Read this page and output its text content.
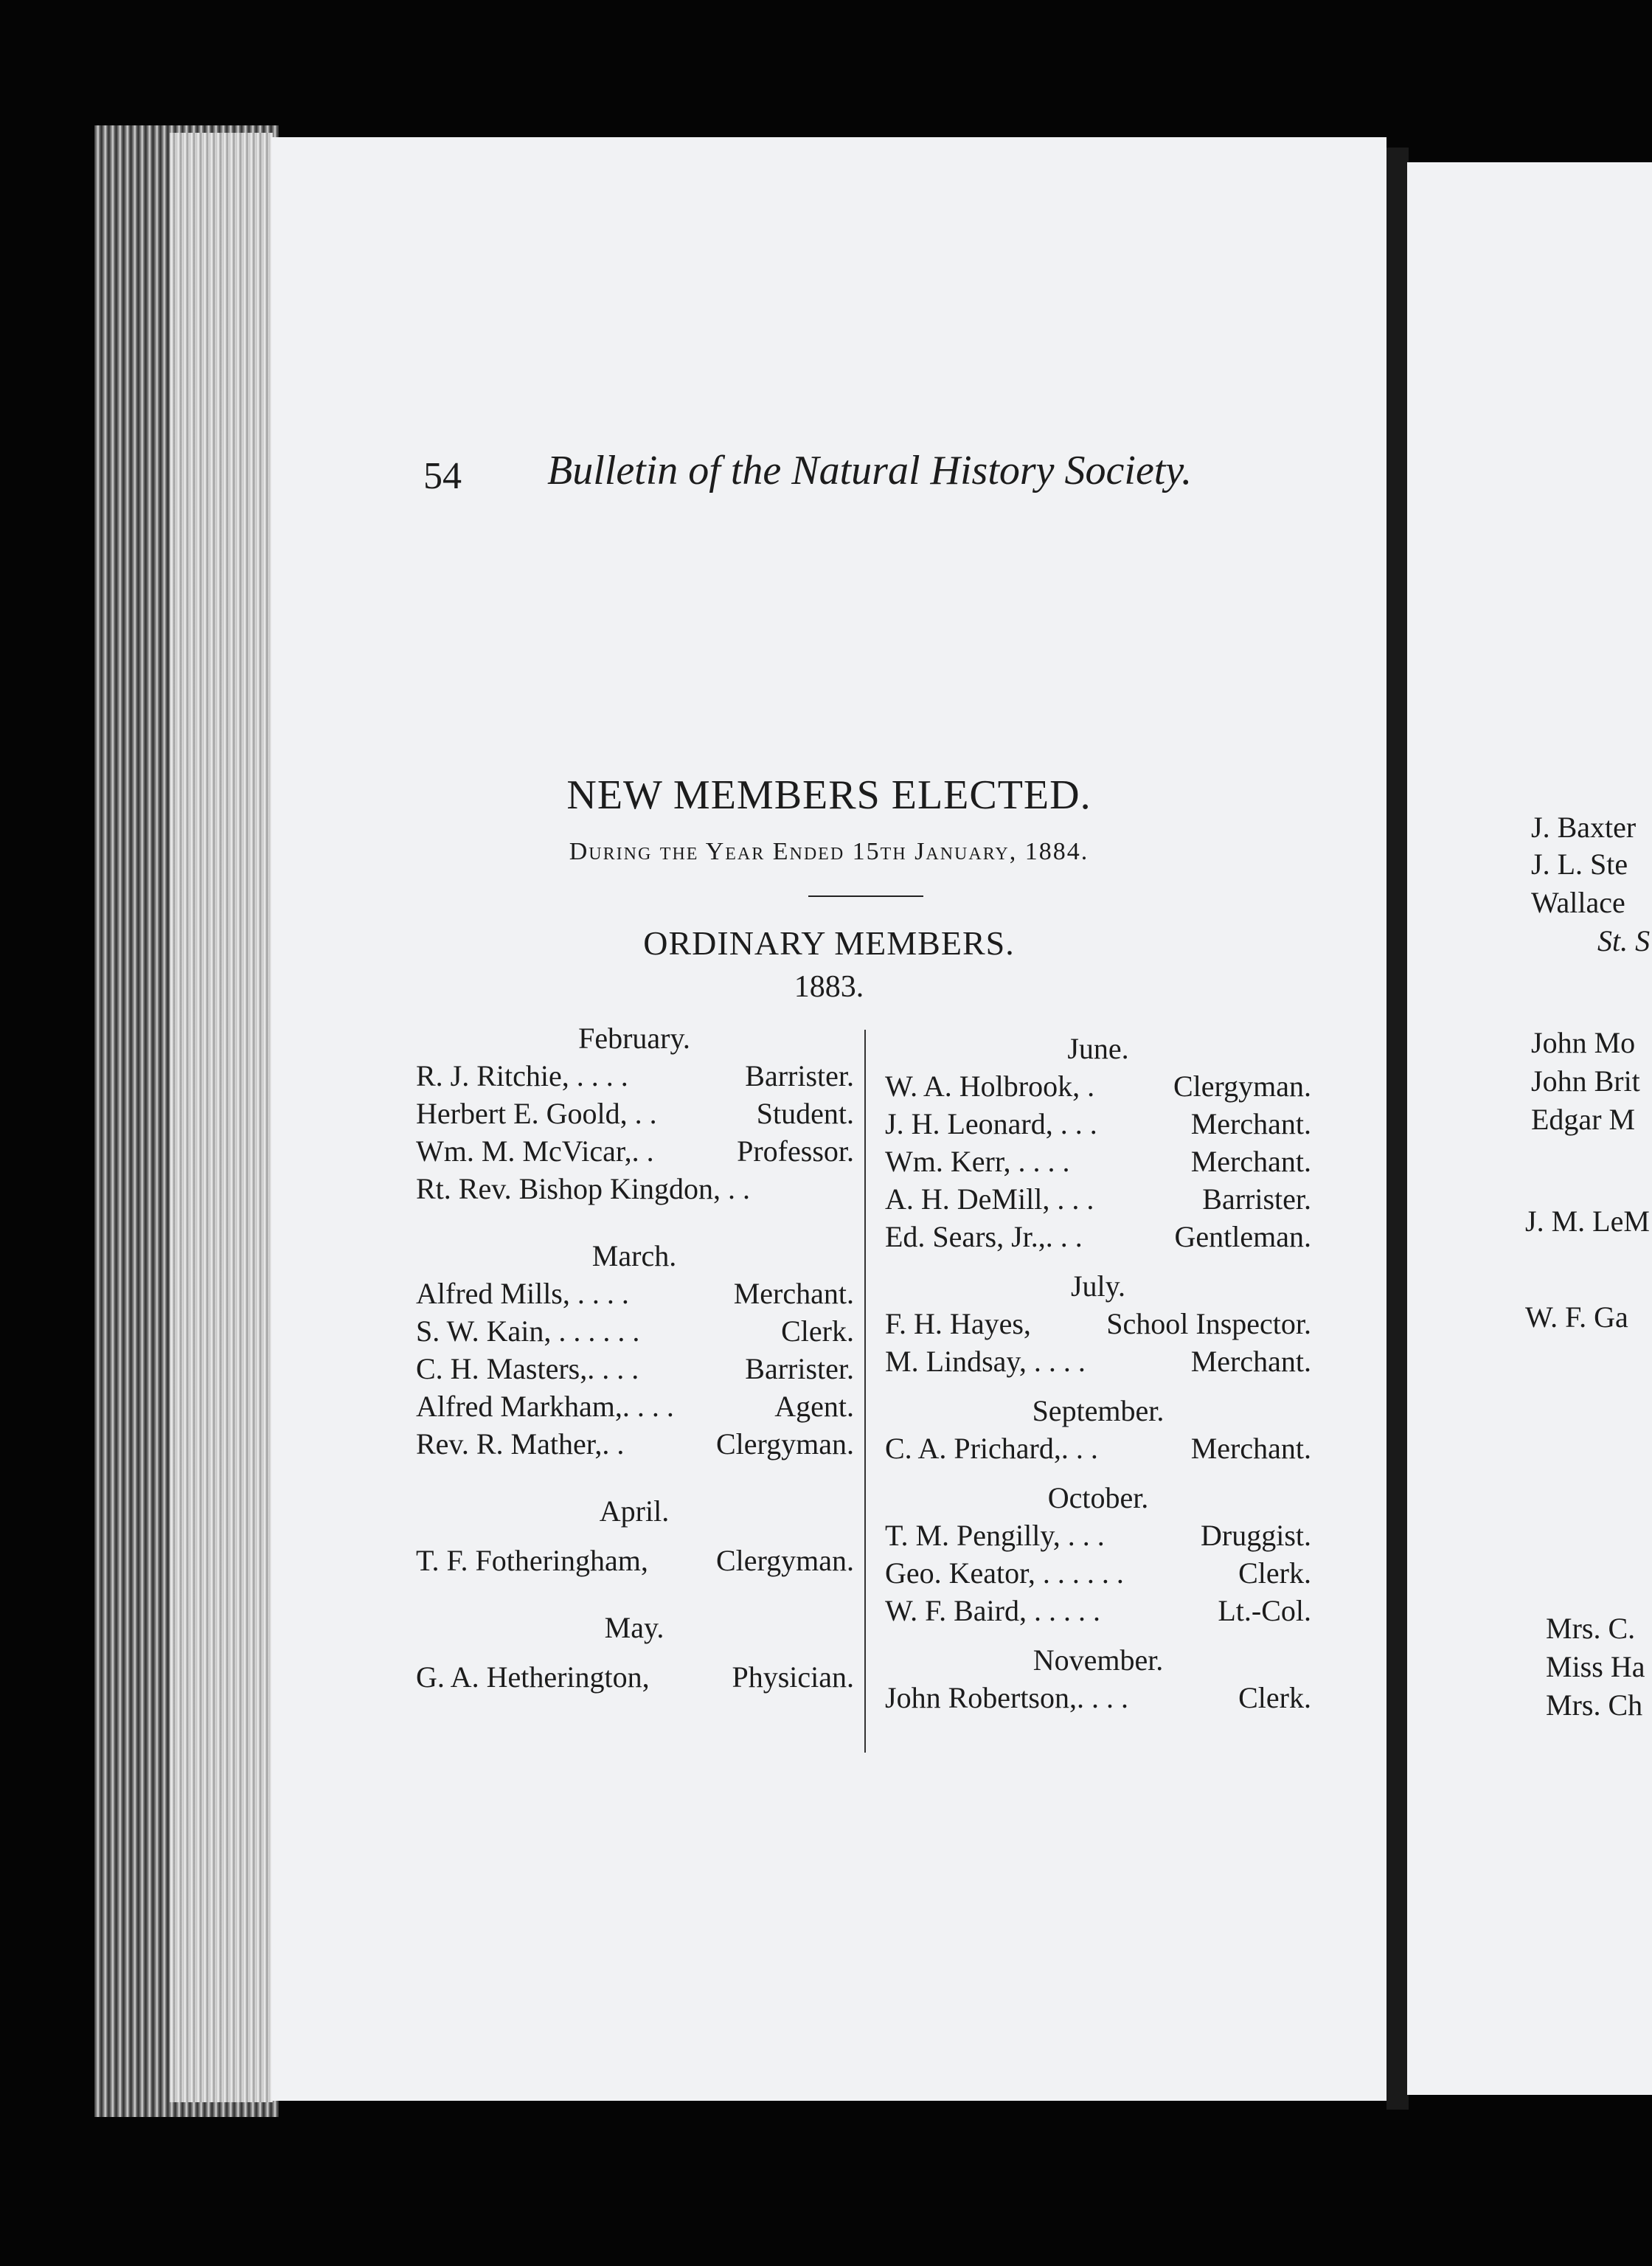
J. Baxter
J. L. Ste
Wallace
St. S
John Mo
John Brit
Edgar M
J. M. LeM
W. F. Ga
Mrs. C.
Miss Ha
Mrs. Ch
54 Bulletin of the Natural History Society.
NEW MEMBERS ELECTED.
During the Year Ended 15th January, 1884.
ORDINARY MEMBERS.
1883.
February.
R. J. Ritchie, . . . .	Barrister.
Herbert E. Goold, . .	Student.
Wm. M. McVicar,. .	Professor.
Rt. Rev. Bishop Kingdon, . .
March.
Alfred Mills, . . . .	Merchant.
S. W. Kain, . . . . . .	Clerk.
C. H. Masters,. . . .	Barrister.
Alfred Markham,. . . .	Agent.
Rev. R. Mather,. .	Clergyman.
April.
T. F. Fotheringham, Clergyman.
May.
G. A. Hetherington,	Physician.
June.
W. A. Holbrook, .	Clergyman.
J. H. Leonard, . . .	Merchant.
Wm. Kerr, . . . .	Merchant.
A. H. DeMill, . . .	Barrister.
Ed. Sears, Jr.,. . .	Gentleman.
July.
F. H. Hayes,	School Inspector.
M. Lindsay, . . . .	Merchant.
September.
C. A. Prichard,. . .	Merchant.
October.
T. M. Pengilly, . . .	Druggist.
Geo. Keator, . . . . . .	Clerk.
W. F. Baird, . . . . .	Lt.-Col.
November.
John Robertson,. . . .	Clerk.
